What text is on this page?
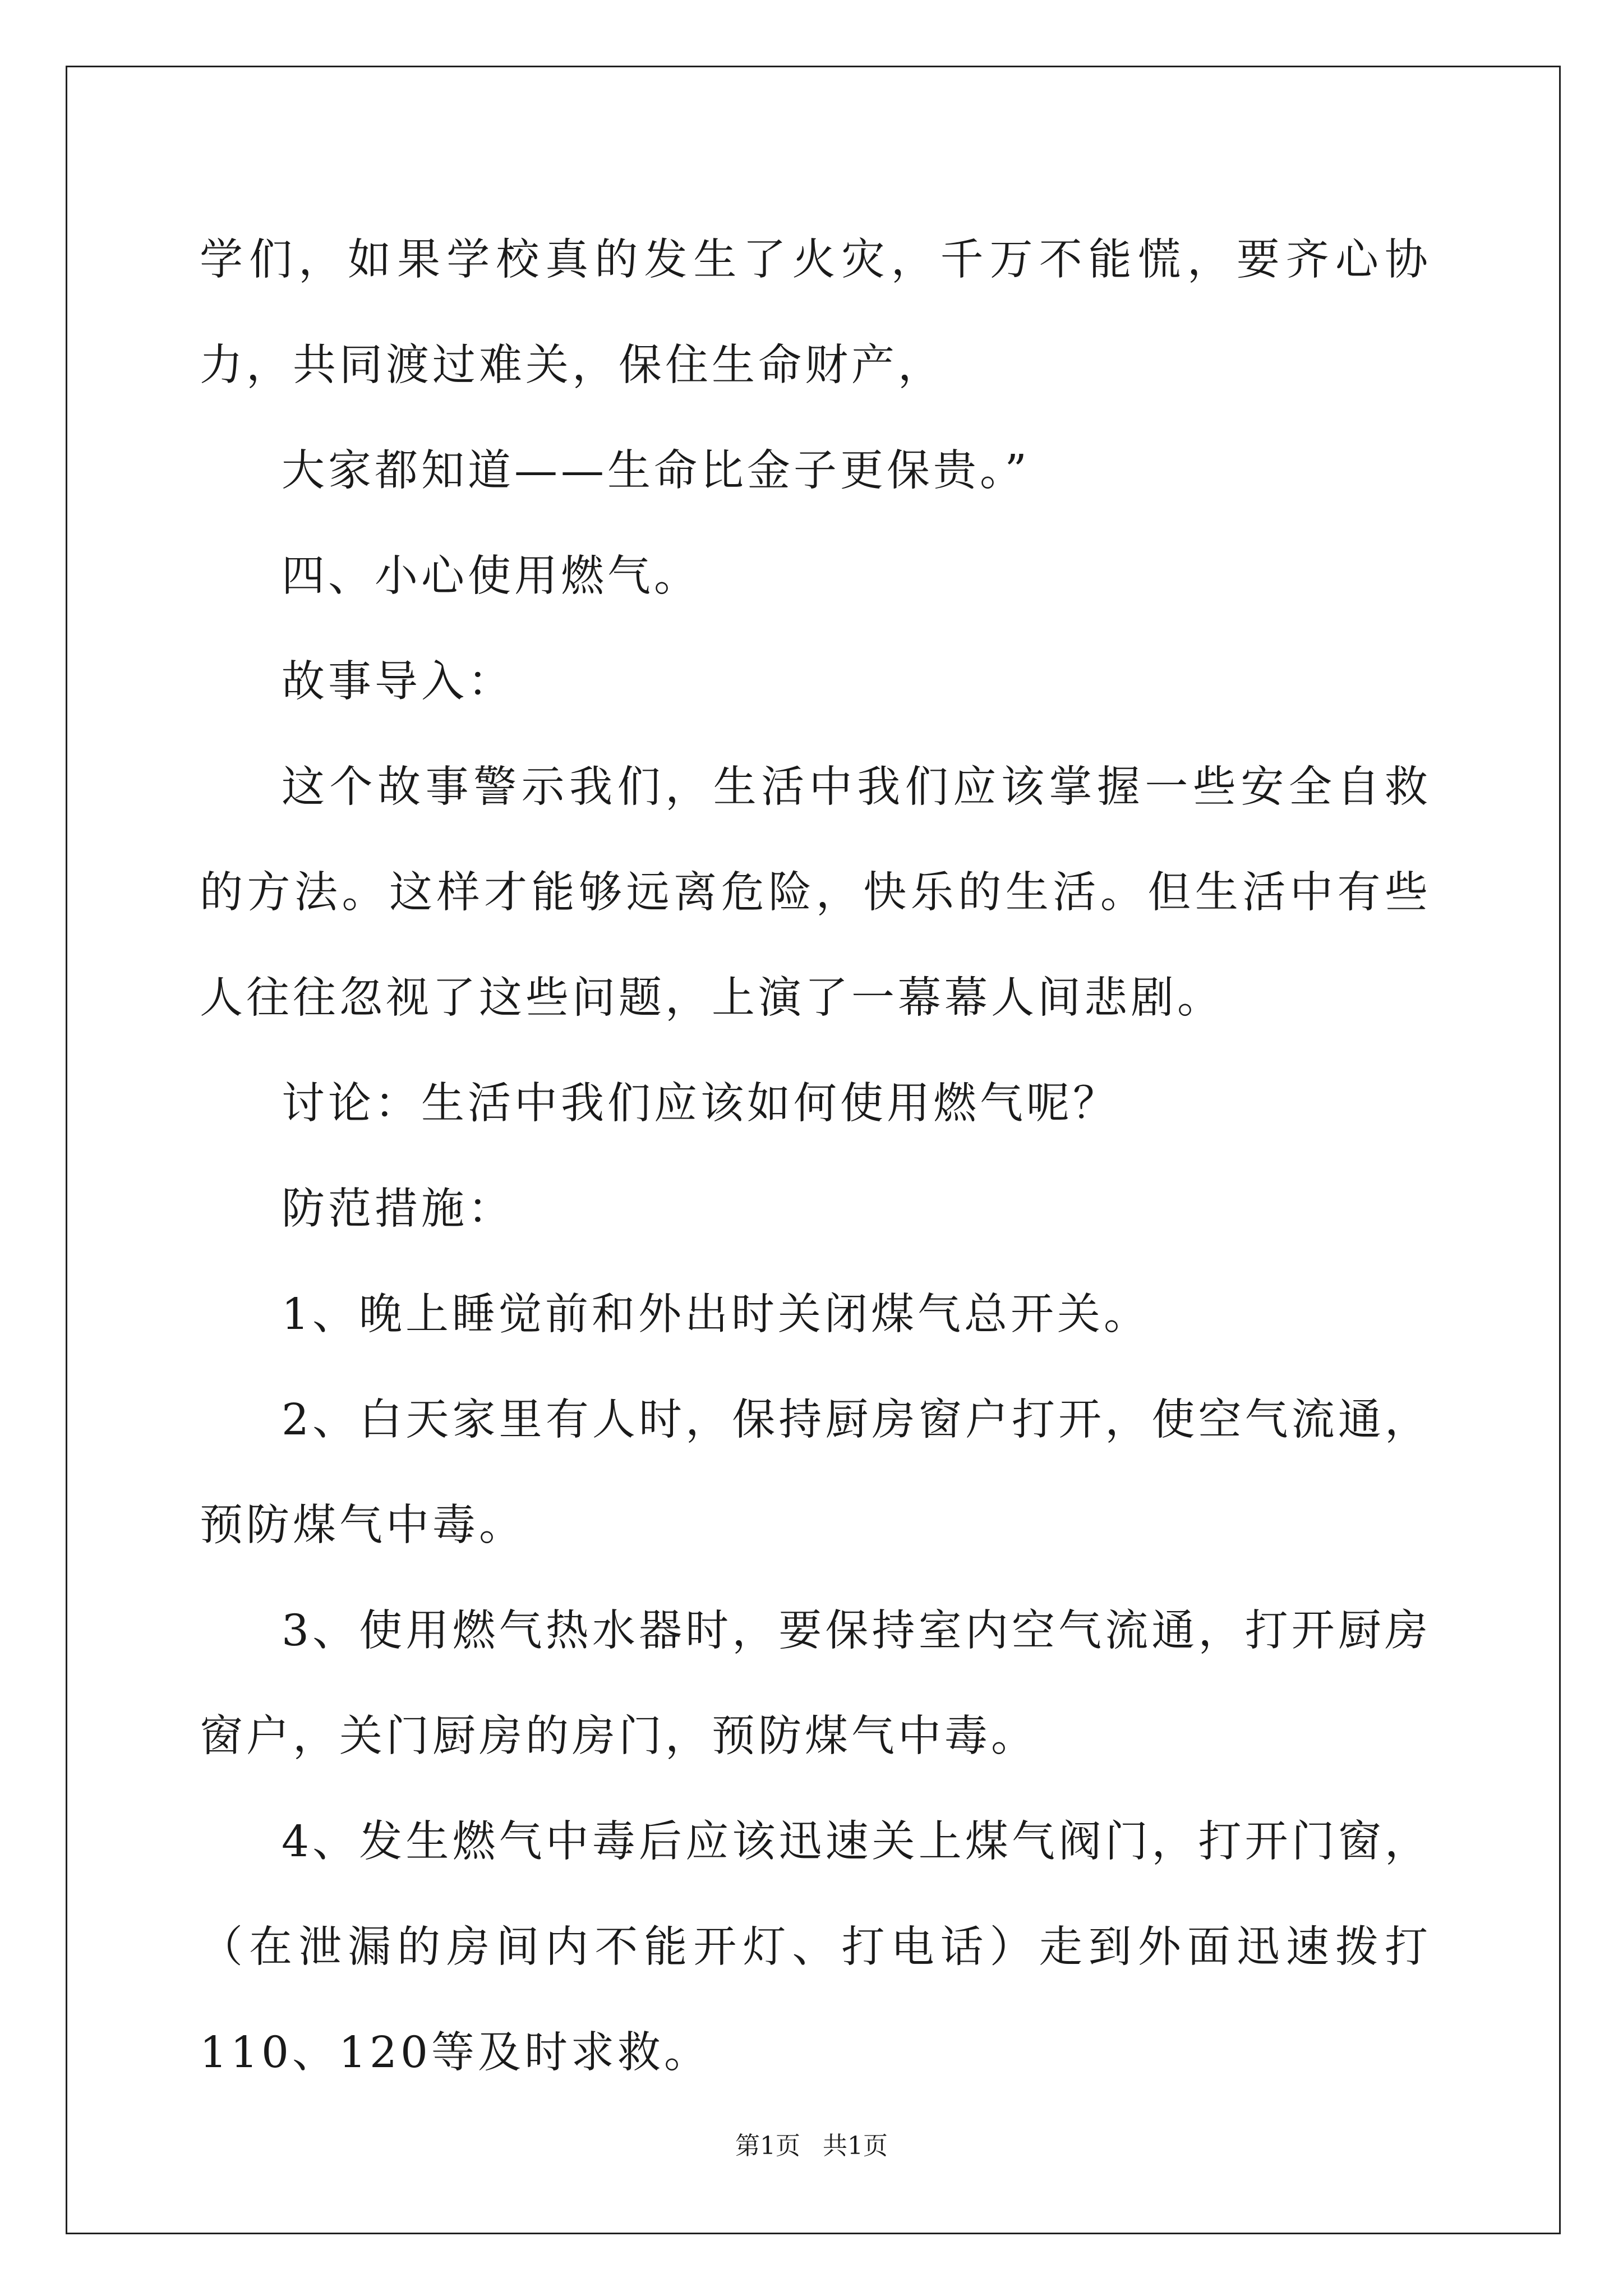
学们，如果学校真的发生了火灾，千万不能慌，要齐心协力，共同渡过难关，保住生命财产，

大家都知道——生命比金子更保贵。”

四、小心使用燃气。

故事导入：

这个故事警示我们，生活中我们应该掌握一些安全自救的方法。这样才能够远离危险，快乐的生活。但生活中有些人往往忽视了这些问题，上演了一幕幕人间悲剧。

讨论：生活中我们应该如何使用燃气呢？

防范措施：

1、晚上睡觉前和外出时关闭煤气总开关。

2、白天家里有人时，保持厨房窗户打开，使空气流通，预防煤气中毒。

3、使用燃气热水器时，要保持室内空气流通，打开厨房窗户，关门厨房的房门，预防煤气中毒。

4、发生燃气中毒后应该迅速关上煤气阀门，打开门窗，（在泄漏的房间内不能开灯、打电话）走到外面迅速拨打110、120等及时求救。

第1页 共1页
